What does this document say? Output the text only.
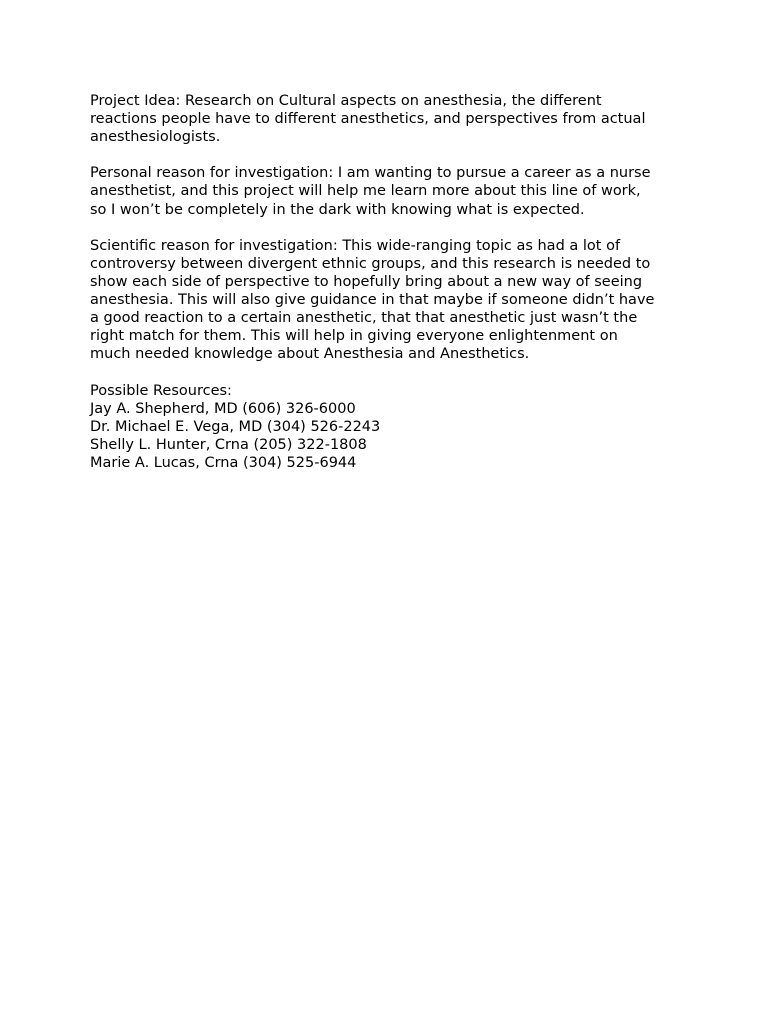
Project Idea: Research on Cultural aspects on anesthesia, the different
reactions people have to different anesthetics, and perspectives from actual
anesthesiologists.

Personal reason for investigation: I am wanting to pursue a career as a nurse
anesthetist, and this project will help me learn more about this line of work,
so I won’t be completely in the dark with knowing what is expected.

Scientific reason for investigation: This wide-ranging topic as had a lot of
controversy between divergent ethnic groups, and this research is needed to
show each side of perspective to hopefully bring about a new way of seeing
anesthesia. This will also give guidance in that maybe if someone didn’t have
a good reaction to a certain anesthetic, that that anesthetic just wasn’t the
right match for them. This will help in giving everyone enlightenment on
much needed knowledge about Anesthesia and Anesthetics.

Possible Resources:
Jay A. Shepherd, MD (606) 326-6000
Dr. Michael E. Vega, MD (304) 526-2243
Shelly L. Hunter, Crna (205) 322-1808
Marie A. Lucas, Crna (304) 525-6944
